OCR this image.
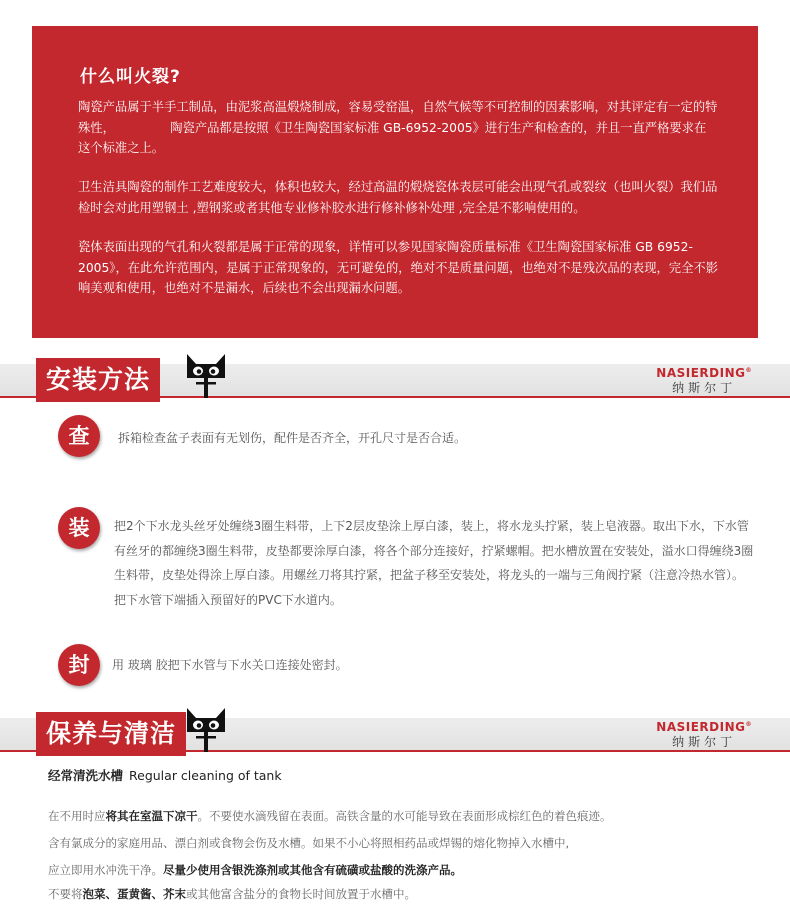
什么叫火裂?

陶瓷产品属于半手工制品，由泥浆高温煅烧制成，容易受窑温，自然气候等不可控制的因素影响，对其评定有一定的特殊性，　　　　　陶瓷产品都是按照《卫生陶瓷国家标准 GB-6952-2005》进行生产和检查的，并且一直严格要求在这个标准之上。

卫生洁具陶瓷的制作工艺难度较大，体积也较大，经过高温的煅烧瓷体表层可能会出现气孔或裂纹（也叫火裂）我们品检时会对此用塑钢土 ,塑钢浆或者其他专业修补胶水进行修补修补处理 ,完全是不影响使用的。

瓷体表面出现的气孔和火裂都是属于正常的现象，详情可以参见国家陶瓷质量标准《卫生陶瓷国家标准 GB 6952-2005》，在此允许范围内，是属于正常现象的，无可避免的，绝对不是质量问题，也绝对不是残次品的表现，完全不影响美观和使用，也绝对不是漏水，后续也不会出现漏水问题。

安装方法	NASIERDING®
纳斯尔丁
查	拆箱检查盆子表面有无划伤，配件是否齐全，开孔尺寸是否合适。
装	把2个下水龙头丝牙处缠绕3圈生料带，上下2层皮垫涂上厚白漆，装上，将水龙头拧紧，装上皂液器。取出下水，下水管有丝牙的都缠绕3圈生料带，皮垫都要涂厚白漆，将各个部分连接好，拧紧螺帽。把水槽放置在安装处，溢水口得缠绕3圈生料带，皮垫处得涂上厚白漆。用螺丝刀将其拧紧，把盆子移至安装处，将龙头的一端与三角阀拧紧（注意冷热水管）。把下水管下端插入预留好的PVC下水道内。
封	用 玻璃 胶把下水管与下水关口连接处密封。
保养与清洁	NASIERDING®
纳斯尔丁
经常清洗水槽 Regular cleaning of tank
在不用时应将其在室温下凉干。不要使水滴残留在表面。高铁含量的水可能导致在表面形成棕红色的着色痕迹。
含有氯成分的家庭用品、漂白剂或食物会伤及水槽。如果不小心将照相药品或焊锡的熔化物掉入水槽中,
应立即用水冲洗干净。尽量少使用含银洗涤剂或其他含有硫磺或盐酸的洗涤产品。
不要将泡菜、蛋黄酱、芥末或其他富含盐分的食物长时间放置于水槽中。
